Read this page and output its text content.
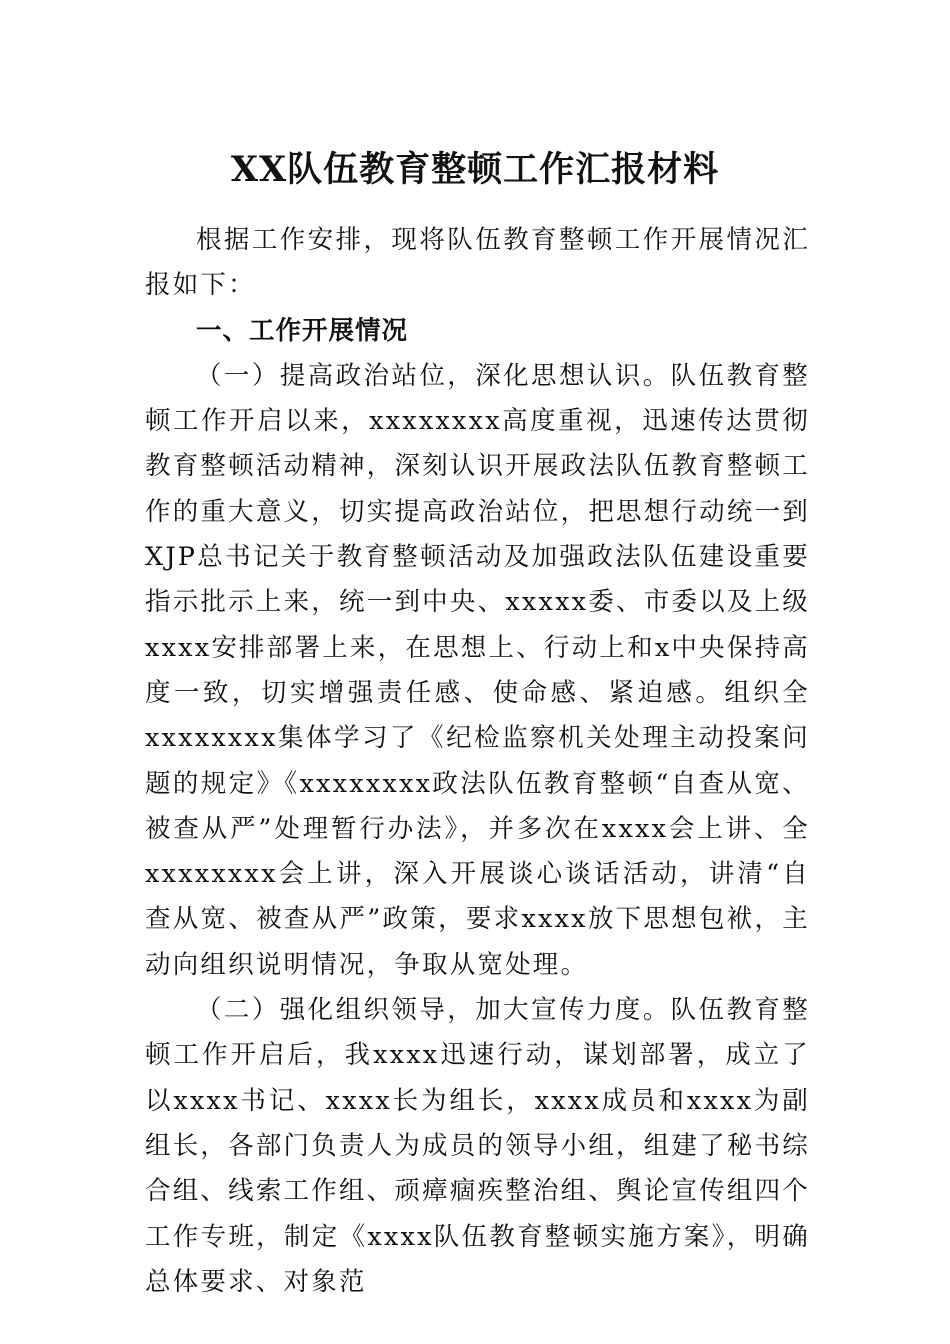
XX队伍教育整顿工作汇报材料

根据工作安排，现将队伍教育整顿工作开展情况汇报如下：

一、工作开展情况

（一）提高政治站位，深化思想认识。队伍教育整顿工作开启以来，xxxxxxxx高度重视，迅速传达贯彻教育整顿活动精神，深刻认识开展政法队伍教育整顿工作的重大意义，切实提高政治站位，把思想行动统一到XJP总书记关于教育整顿活动及加强政法队伍建设重要指示批示上来，统一到中央、xxxxx委、市委以及上级xxxx安排部署上来，在思想上、行动上和x中央保持高度一致，切实增强责任感、使命感、紧迫感。组织全xxxxxxxx集体学习了《纪检监察机关处理主动投案问题的规定》《xxxxxxxx政法队伍教育整顿“自查从宽、被查从严”处理暂行办法》，并多次在xxxx会上讲、全xxxxxxxx会上讲，深入开展谈心谈话活动，讲清“自查从宽、被查从严”政策，要求xxxx放下思想包袱，主动向组织说明情况，争取从宽处理。

（二）强化组织领导，加大宣传力度。队伍教育整顿工作开启后，我xxxx迅速行动，谋划部署，成立了以xxxx书记、xxxx长为组长，xxxx成员和xxxx为副组长，各部门负责人为成员的领导小组，组建了秘书综合组、线索工作组、顽瘴痼疾整治组、舆论宣传组四个工作专班，制定《xxxx队伍教育整顿实施方案》，明确总体要求、对象范
